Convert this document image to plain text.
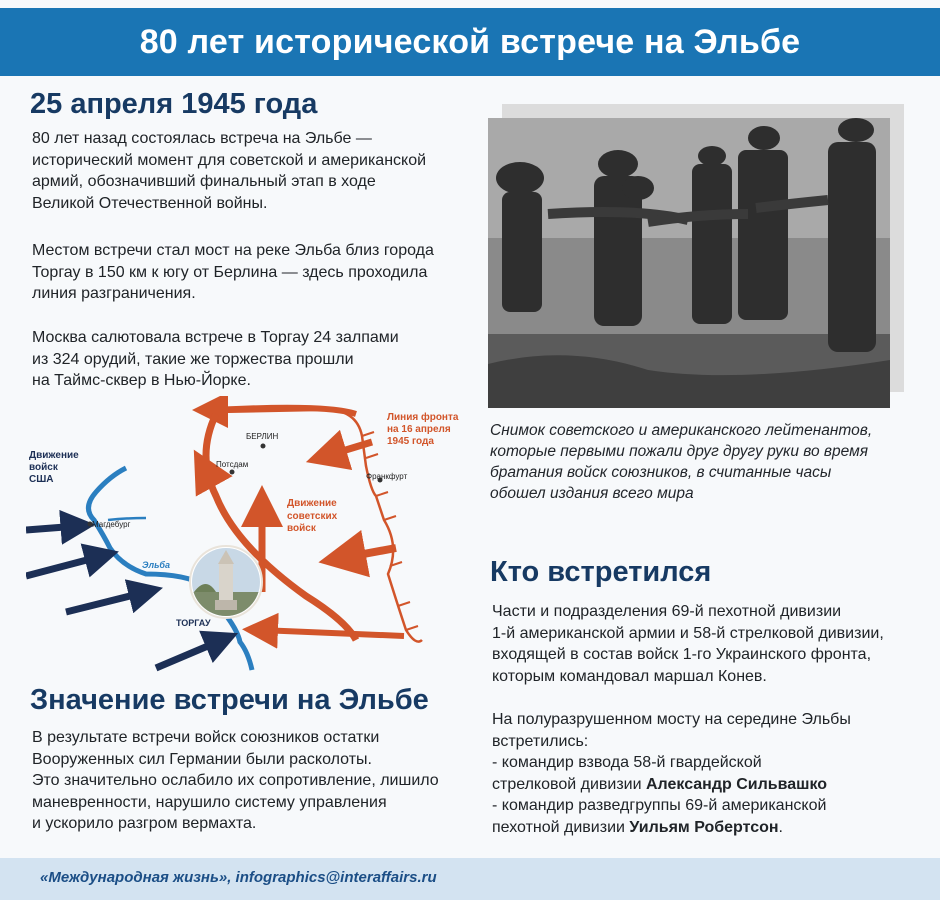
80 лет исторической встрече на Эльбе
25 апреля 1945 года

80 лет назад состоялась встреча на Эльбе —
исторический момент для советской и американской
армий, обозначивший финальный этап в ходе
Великой Отечественной войны.

Местом встречи стал мост на реке Эльба близ города
Торгау в 150 км к югу от Берлина — здесь проходила
линия разграничения.

Москва салютовала встрече в Торгау 24 залпами
из 324 орудий, такие же торжества прошли
на Таймс-сквер в Нью-Йорке.

Движение
войск
США
Линия фронта
на 16 апреля
1945 года
Движение
советских
войск
БЕРЛИН
Потсдам
Франкфурт
Магдебург
Эльба
ТОРГАУ
Значение встречи на Эльбе

В результате встречи войск союзников остатки
Вооруженных сил Германии были расколоты.
Это значительно ослабило их сопротивление, лишило
маневренности, нарушило систему управления
и ускорило разгром вермахта.

Снимок советского и американского лейтенантов,
которые первыми пожали друг другу руки во время
братания войск союзников, в считанные часы
обошел издания всего мира

Кто встретился

Части и подразделения 69-й пехотной дивизии
1-й американской армии и 58-й стрелковой дивизии,
входящей в состав войск 1-го Украинского фронта,
которым командовал маршал Конев.

На полуразрушенном мосту на середине Эльбы
встретились:

- командир взвода 58-й гвардейской
стрелковой дивизии Александр Сильвашко
- командир разведгруппы 69-й американской
пехотной дивизии Уильям Робертсон.
«Международная жизнь», infographics@interaffairs.ru
